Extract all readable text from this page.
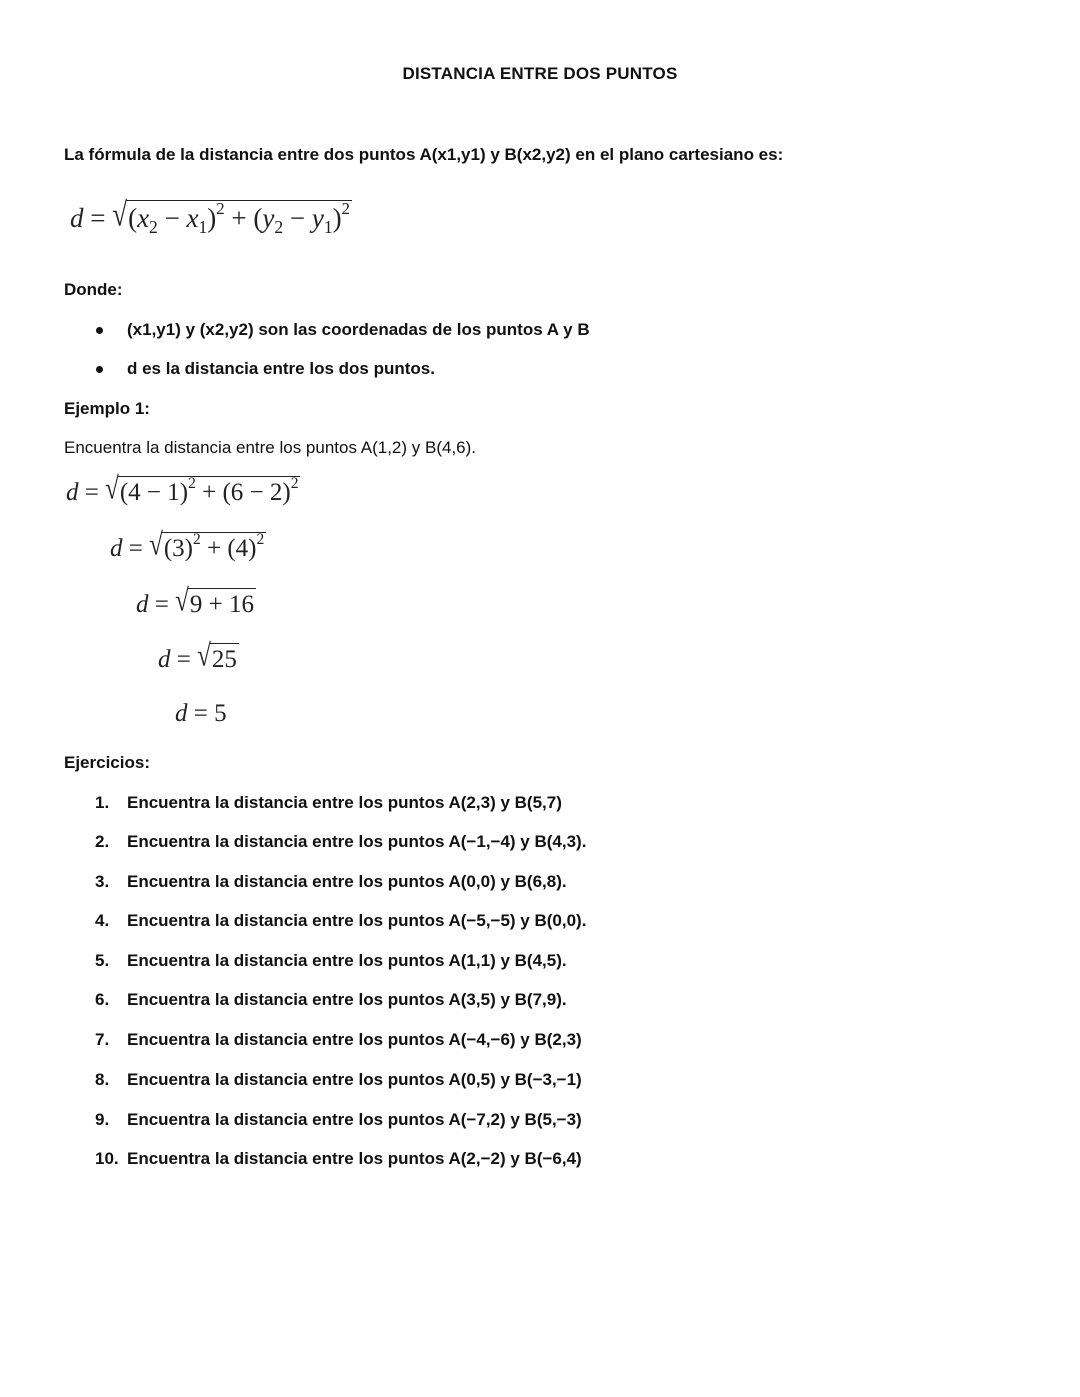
DISTANCIA ENTRE DOS PUNTOS
La fórmula de la distancia entre dos puntos A(x1,y1) y B(x2,y2) en el plano cartesiano es:
$d = √(x_2 - x_1)^2 + (y_2 - y_1)^2$
Donde:
(x1,y1) y (x2,y2) son las coordenadas de los puntos A y B
d es la distancia entre los dos puntos.
Ejemplo 1:
Encuentra la distancia entre los puntos A(1,2) y B(4,6).
$d = √(4 - 1)^2 + (6 - 2)^2$
$d = √(3)^2 + (4)^2$
d = √9 + 16
d = √25
d = 5
Ejercicios:
1. Encuentra la distancia entre los puntos A(2,3) y B(5,7)
2. Encuentra la distancia entre los puntos A(−1,−4) y B(4,3).
3. Encuentra la distancia entre los puntos A(0,0) y B(6,8).
4. Encuentra la distancia entre los puntos A(−5,−5) y B(0,0).
5. Encuentra la distancia entre los puntos A(1,1) y B(4,5).
6. Encuentra la distancia entre los puntos A(3,5) y B(7,9).
7. Encuentra la distancia entre los puntos A(−4,−6) y B(2,3)
8. Encuentra la distancia entre los puntos A(0,5) y B(−3,−1)
9. Encuentra la distancia entre los puntos A(−7,2) y B(5,−3)
10. Encuentra la distancia entre los puntos A(2,−2) y B(−6,4)
